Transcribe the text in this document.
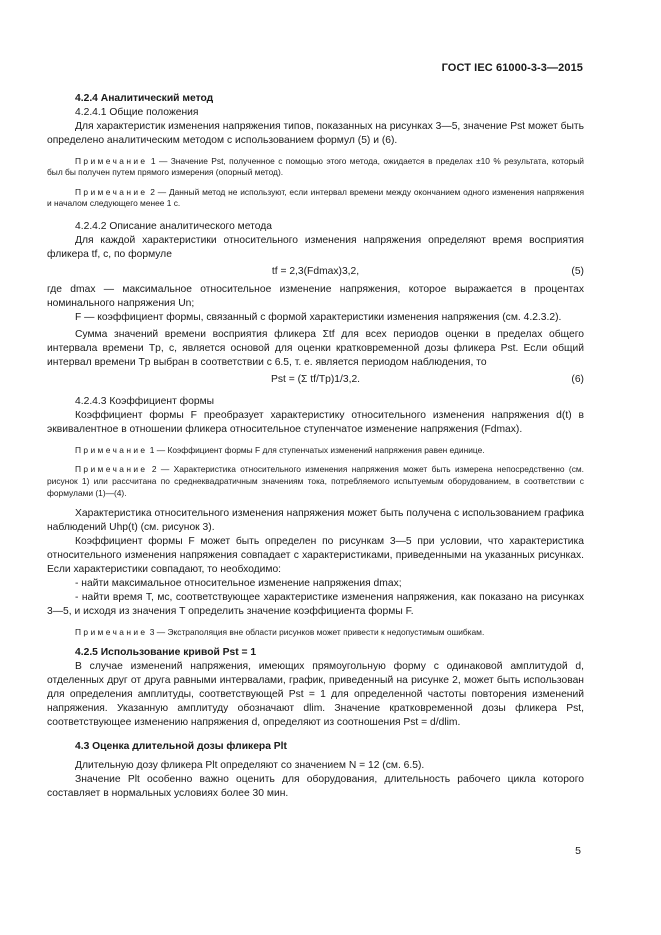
ГОСТ IEC 61000-3-3—2015

4.2.4 Аналитический метод

4.2.4.1 Общие положения

Для характеристик изменения напряжения типов, показанных на рисунках 3—5, значение Pst может быть определено аналитическим методом с использованием формул (5) и (6).

Примечание 1 — Значение Pst, полученное с помощью этого метода, ожидается в пределах ±10 % результата, который был бы получен путем прямого измерения (опорный метод).

Примечание 2 — Данный метод не используют, если интервал времени между окончанием одного изменения напряжения и началом следующего менее 1 с.

4.2.4.2 Описание аналитического метода

Для каждой характеристики относительного изменения напряжения определяют время восприятия фликера tf, с, по формуле

tf = 2,3(Fdmax)3,2,	(5)

где dmax — максимальное относительное изменение напряжения, которое выражается в процентах номинального напряжения Un;

F — коэффициент формы, связанный с формой характеристики изменения напряжения (см. 4.2.3.2).

Сумма значений времени восприятия фликера Σtf для всех периодов оценки в пределах общего интервала времени Tp, с, является основой для оценки кратковременной дозы фликера Pst. Если общий интервал времени Tp выбран в соответствии с 6.5, т. е. является периодом наблюдения, то

Pst = (Σ tf/Tp)1/3,2.	(6)

4.2.4.3 Коэффициент формы

Коэффициент формы F преобразует характеристику относительного изменения напряжения d(t) в эквивалентное в отношении фликера относительное ступенчатое изменение напряжения (Fdmax).

Примечание 1 — Коэффициент формы F для ступенчатых изменений напряжения равен единице.

Примечание 2 — Характеристика относительного изменения напряжения может быть измерена непосредственно (см. рисунок 1) или рассчитана по среднеквадратичным значениям тока, потребляемого испытуемым оборудованием, в соответствии с формулами (1)—(4).

Характеристика относительного изменения напряжения может быть получена с использованием графика наблюдений Uhp(t) (см. рисунок 3).

Коэффициент формы F может быть определен по рисункам 3—5 при условии, что характеристика относительного изменения напряжения совпадает с характеристиками, приведенными на указанных рисунках. Если характеристики совпадают, то необходимо:

- найти максимальное относительное изменение напряжения dmax;

- найти время T, мс, соответствующее характеристике изменения напряжения, как показано на рисунках 3—5, и исходя из значения T определить значение коэффициента формы F.

Примечание 3 — Экстраполяция вне области рисунков может привести к недопустимым ошибкам.

4.2.5 Использование кривой Pst = 1

В случае изменений напряжения, имеющих прямоугольную форму с одинаковой амплитудой d, отделенных друг от друга равными интервалами, график, приведенный на рисунке 2, может быть использован для определения амплитуды, соответствующей Pst = 1 для определенной частоты повторения изменений напряжения. Указанную амплитуду обозначают dlim. Значение кратковременной дозы фликера Pst, соответствующее изменению напряжения d, определяют из соотношения Pst = d/dlim.

4.3 Оценка длительной дозы фликера Plt

Длительную дозу фликера Plt определяют со значением N = 12 (см. 6.5).

Значение Plt особенно важно оценить для оборудования, длительность рабочего цикла которого составляет в нормальных условиях более 30 мин.

5
